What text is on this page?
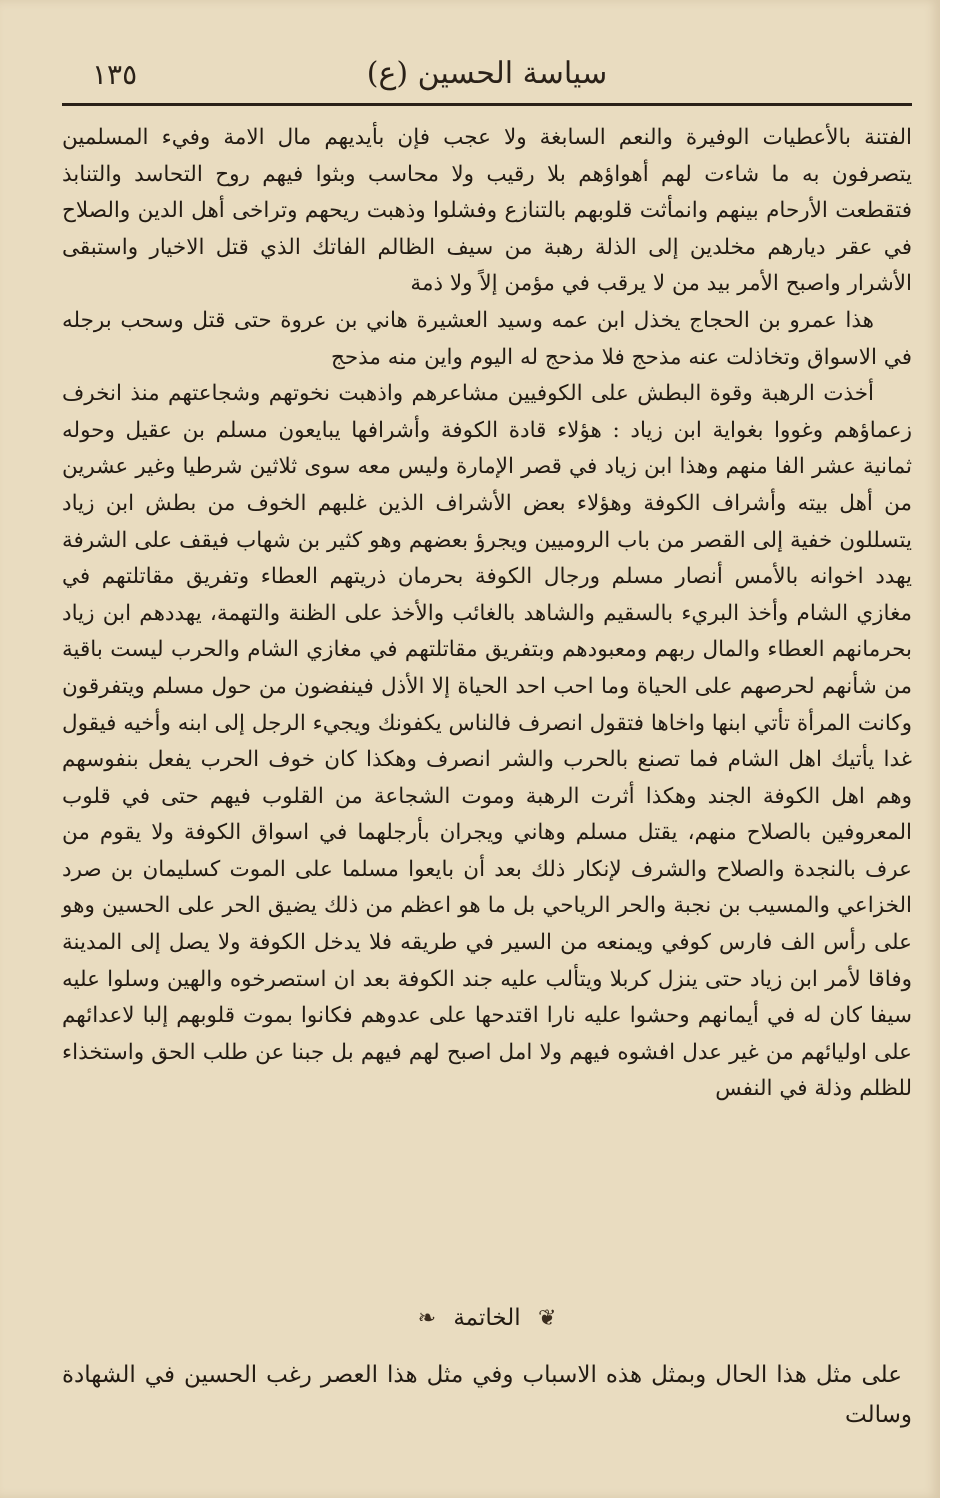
١٣٥	سياسة الحسين (ع)

الفتنة بالأعطيات الوفيرة والنعم السابغة ولا عجب فإن بأيديهم مال الامة وفيء المسلمين يتصرفون به ما شاءت لهم أهواؤهم بلا رقيب ولا محاسب وبثوا فيهم روح التحاسد والتنابذ فتقطعت الأرحام بينهم وانمأثت قلوبهم بالتنازع وفشلوا وذهبت ريحهم وتراخى أهل الدين والصلاح في عقر ديارهم مخلدين إلى الذلة رهبة من سيف الظالم الفاتك الذي قتل الاخيار واستبقى الأشرار واصبح الأمر بيد من لا يرقب في مؤمن إلاً ولا ذمة

هذا عمرو بن الحجاج يخذل ابن عمه وسيد العشيرة هاني بن عروة حتى قتل وسحب برجله في الاسواق وتخاذلت عنه مذحج فلا مذحج له اليوم واين منه مذحج

أخذت الرهبة وقوة البطش على الكوفيين مشاعرهم واذهبت نخوتهم وشجاعتهم منذ انخرف زعماؤهم وغووا بغواية ابن زياد : هؤلاء قادة الكوفة وأشرافها يبايعون مسلم بن عقيل وحوله ثمانية عشر الفا منهم وهذا ابن زياد في قصر الإمارة وليس معه سوى ثلاثين شرطيا وغير عشرين من أهل بيته وأشراف الكوفة وهؤلاء بعض الأشراف الذين غلبهم الخوف من بطش ابن زياد يتسللون خفية إلى القصر من باب الروميين ويجرؤ بعضهم وهو كثير بن شهاب فيقف على الشرفة يهدد اخوانه بالأمس أنصار مسلم ورجال الكوفة بحرمان ذريتهم العطاء وتفريق مقاتلتهم في مغازي الشام وأخذ البريء بالسقيم والشاهد بالغائب والأخذ على الظنة والتهمة، يهددهم ابن زياد بحرمانهم العطاء والمال ربهم ومعبودهم وبتفريق مقاتلتهم في مغازي الشام والحرب ليست باقية من شأنهم لحرصهم على الحياة وما احب احد الحياة إلا الأذل فينفضون من حول مسلم ويتفرقون وكانت المرأة تأتي ابنها واخاها فتقول انصرف فالناس يكفونك ويجيء الرجل إلى ابنه وأخيه فيقول غدا يأتيك اهل الشام فما تصنع بالحرب والشر انصرف وهكذا كان خوف الحرب يفعل بنفوسهم وهم اهل الكوفة الجند وهكذا أثرت الرهبة وموت الشجاعة من القلوب فيهم حتى في قلوب المعروفين بالصلاح منهم، يقتل مسلم وهاني ويجران بأرجلهما في اسواق الكوفة ولا يقوم من عرف بالنجدة والصلاح والشرف لإنكار ذلك بعد أن بايعوا مسلما على الموت كسليمان بن صرد الخزاعي والمسيب بن نجبة والحر الرياحي بل ما هو اعظم من ذلك يضيق الحر على الحسين وهو على رأس الف فارس كوفي ويمنعه من السير في طريقه فلا يدخل الكوفة ولا يصل إلى المدينة وفاقا لأمر ابن زياد حتى ينزل كربلا ويتألب عليه جند الكوفة بعد ان استصرخوه والهين وسلوا عليه سيفا كان له في أيمانهم وحشوا عليه نارا اقتدحها على عدوهم فكانوا بموت قلوبهم إلبا لاعدائهم على اوليائهم من غير عدل افشوه فيهم ولا امل اصبح لهم فيهم بل جبنا عن طلب الحق واستخذاء للظلم وذلة في النفس

❦ الخاتمة ❧
على مثل هذا الحال وبمثل هذه الاسباب وفي مثل هذا العصر رغب الحسين في الشهادة وسالت
